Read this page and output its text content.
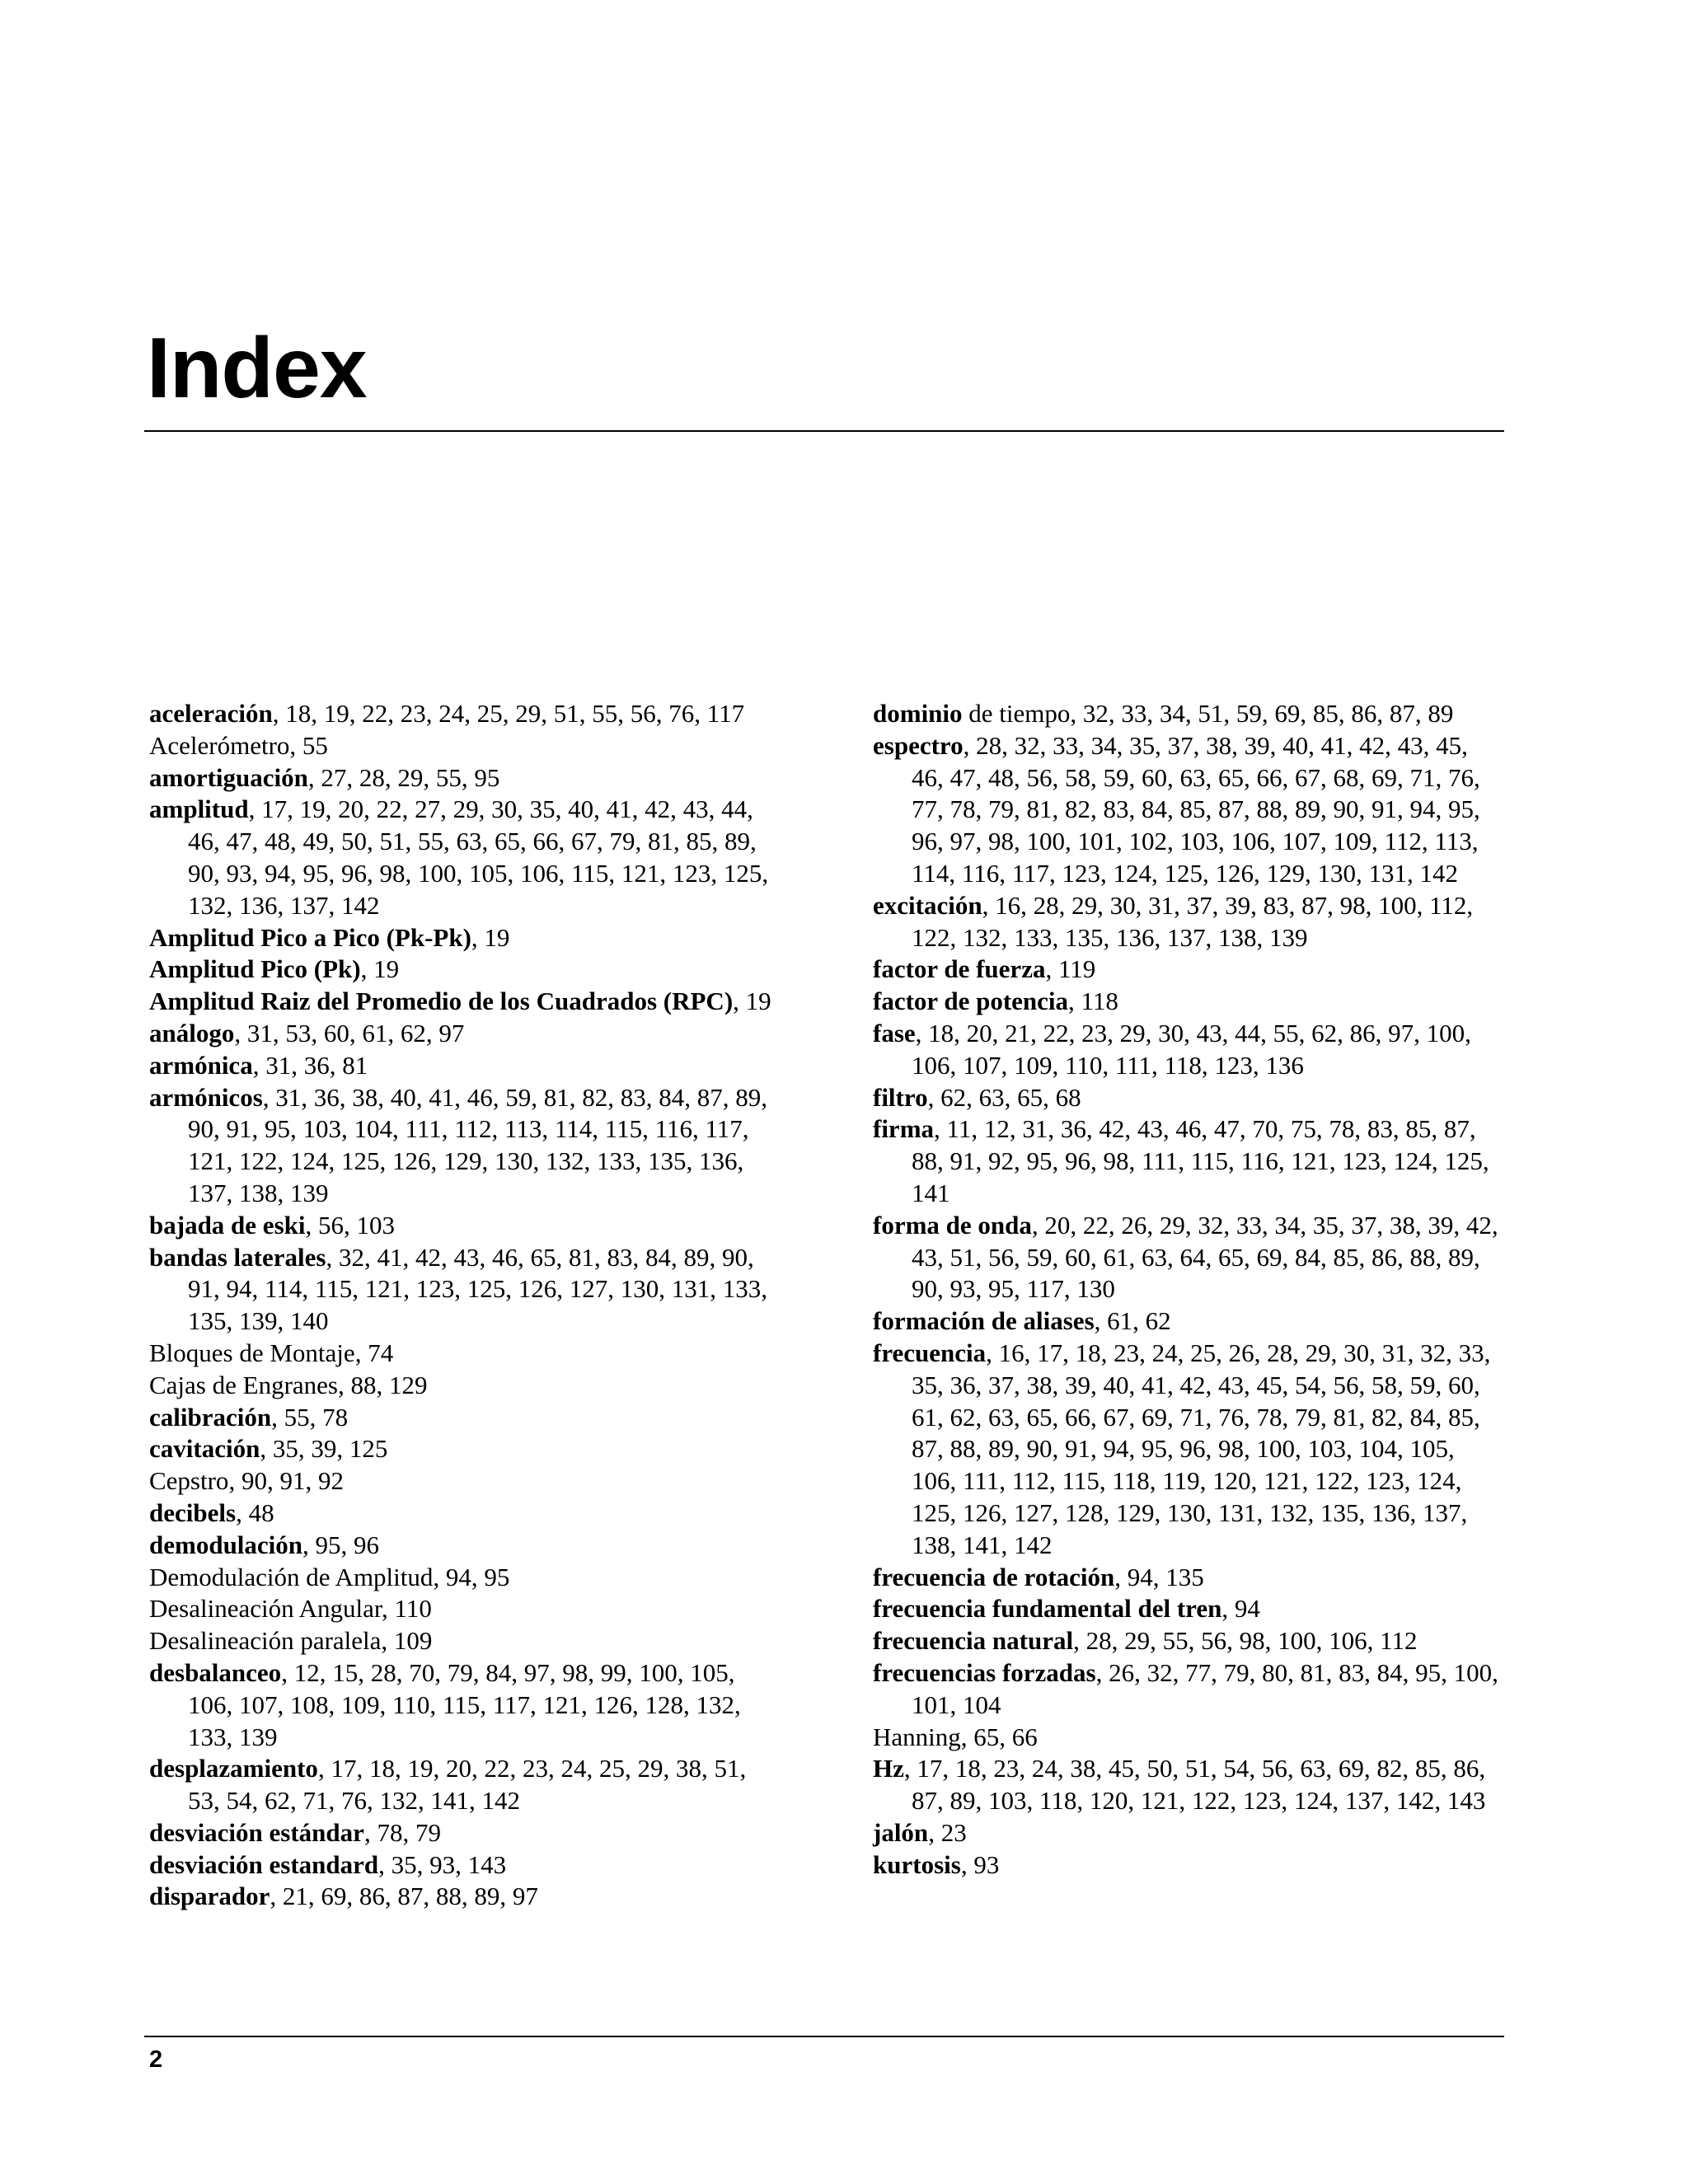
Index

aceleración, 18, 19, 22, 23, 24, 25, 29, 51, 55, 56, 76, 117

Acelerómetro, 55

amortiguación, 27, 28, 29, 55, 95

amplitud, 17, 19, 20, 22, 27, 29, 30, 35, 40, 41, 42, 43, 44, 46, 47, 48, 49, 50, 51, 55, 63, 65, 66, 67, 79, 81, 85, 89, 90, 93, 94, 95, 96, 98, 100, 105, 106, 115, 121, 123, 125, 132, 136, 137, 142

Amplitud Pico a Pico (Pk-Pk), 19

Amplitud Pico (Pk), 19

Amplitud Raiz del Promedio de los Cuadrados (RPC), 19

análogo, 31, 53, 60, 61, 62, 97

armónica, 31, 36, 81

armónicos, 31, 36, 38, 40, 41, 46, 59, 81, 82, 83, 84, 87, 89, 90, 91, 95, 103, 104, 111, 112, 113, 114, 115, 116, 117, 121, 122, 124, 125, 126, 129, 130, 132, 133, 135, 136, 137, 138, 139

bajada de eski, 56, 103

bandas laterales, 32, 41, 42, 43, 46, 65, 81, 83, 84, 89, 90, 91, 94, 114, 115, 121, 123, 125, 126, 127, 130, 131, 133, 135, 139, 140

Bloques de Montaje, 74

Cajas de Engranes, 88, 129

calibración, 55, 78

cavitación, 35, 39, 125

Cepstro, 90, 91, 92

decibels, 48

demodulación, 95, 96

Demodulación de Amplitud, 94, 95

Desalineación Angular, 110

Desalineación paralela, 109

desbalanceo, 12, 15, 28, 70, 79, 84, 97, 98, 99, 100, 105, 106, 107, 108, 109, 110, 115, 117, 121, 126, 128, 132, 133, 139

desplazamiento, 17, 18, 19, 20, 22, 23, 24, 25, 29, 38, 51, 53, 54, 62, 71, 76, 132, 141, 142

desviación estándar, 78, 79

desviación estandard, 35, 93, 143

disparador, 21, 69, 86, 87, 88, 89, 97

dominio de tiempo, 32, 33, 34, 51, 59, 69, 85, 86, 87, 89

espectro, 28, 32, 33, 34, 35, 37, 38, 39, 40, 41, 42, 43, 45, 46, 47, 48, 56, 58, 59, 60, 63, 65, 66, 67, 68, 69, 71, 76, 77, 78, 79, 81, 82, 83, 84, 85, 87, 88, 89, 90, 91, 94, 95, 96, 97, 98, 100, 101, 102, 103, 106, 107, 109, 112, 113, 114, 116, 117, 123, 124, 125, 126, 129, 130, 131, 142

excitación, 16, 28, 29, 30, 31, 37, 39, 83, 87, 98, 100, 112, 122, 132, 133, 135, 136, 137, 138, 139

factor de fuerza, 119

factor de potencia, 118

fase, 18, 20, 21, 22, 23, 29, 30, 43, 44, 55, 62, 86, 97, 100, 106, 107, 109, 110, 111, 118, 123, 136

filtro, 62, 63, 65, 68

firma, 11, 12, 31, 36, 42, 43, 46, 47, 70, 75, 78, 83, 85, 87, 88, 91, 92, 95, 96, 98, 111, 115, 116, 121, 123, 124, 125, 141

forma de onda, 20, 22, 26, 29, 32, 33, 34, 35, 37, 38, 39, 42, 43, 51, 56, 59, 60, 61, 63, 64, 65, 69, 84, 85, 86, 88, 89, 90, 93, 95, 117, 130

formación de aliases, 61, 62

frecuencia, 16, 17, 18, 23, 24, 25, 26, 28, 29, 30, 31, 32, 33, 35, 36, 37, 38, 39, 40, 41, 42, 43, 45, 54, 56, 58, 59, 60, 61, 62, 63, 65, 66, 67, 69, 71, 76, 78, 79, 81, 82, 84, 85, 87, 88, 89, 90, 91, 94, 95, 96, 98, 100, 103, 104, 105, 106, 111, 112, 115, 118, 119, 120, 121, 122, 123, 124, 125, 126, 127, 128, 129, 130, 131, 132, 135, 136, 137, 138, 141, 142

frecuencia de rotación, 94, 135

frecuencia fundamental del tren, 94

frecuencia natural, 28, 29, 55, 56, 98, 100, 106, 112

frecuencias forzadas, 26, 32, 77, 79, 80, 81, 83, 84, 95, 100, 101, 104

Hanning, 65, 66

Hz, 17, 18, 23, 24, 38, 45, 50, 51, 54, 56, 63, 69, 82, 85, 86, 87, 89, 103, 118, 120, 121, 122, 123, 124, 137, 142, 143

jalón, 23

kurtosis, 93

2
